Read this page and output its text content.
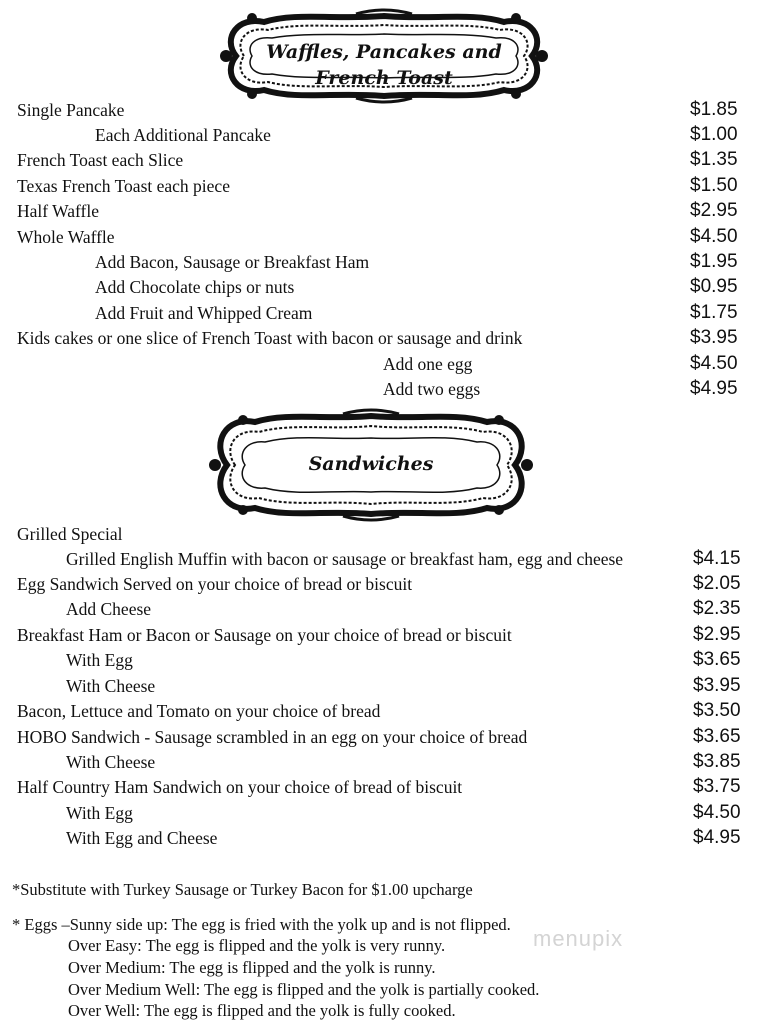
Waffles, Pancakes and
French Toast
Sandwiches
Single Pancake	$1.85
Each Additional Pancake	$1.00
French Toast each Slice	$1.35
Texas French Toast each piece	$1.50
Half Waffle	$2.95
Whole Waffle	$4.50
Add Bacon, Sausage or Breakfast Ham	$1.95
Add Chocolate chips or nuts	$0.95
Add Fruit and Whipped Cream	$1.75
Kids cakes or one slice of French Toast with bacon or sausage and drink	$3.95
Add one egg	$4.50
Add two eggs	$4.95
Grilled Special
Grilled English Muffin with bacon or sausage or breakfast ham, egg and cheese	$4.15
Egg Sandwich Served on your choice of bread or biscuit	$2.05
Add Cheese	$2.35
Breakfast Ham or Bacon or Sausage on your choice of bread or biscuit	$2.95
With Egg	$3.65
With Cheese	$3.95
Bacon, Lettuce and Tomato on your choice of bread	$3.50
HOBO Sandwich - Sausage scrambled in an egg on your choice of bread	$3.65
With Cheese	$3.85
Half Country Ham Sandwich on your choice of bread of biscuit	$3.75
With Egg	$4.50
With Egg and Cheese	$4.95
*Substitute with Turkey Sausage or Turkey Bacon for $1.00 upcharge
* Eggs –Sunny side up: The egg is fried with the yolk up and is not flipped.
Over Easy: The egg is flipped and the yolk is very runny.
Over Medium: The egg is flipped and the yolk is runny.
Over Medium Well: The egg is flipped and the yolk is partially cooked.
Over Well: The egg is flipped and the yolk is fully cooked.
menupix
